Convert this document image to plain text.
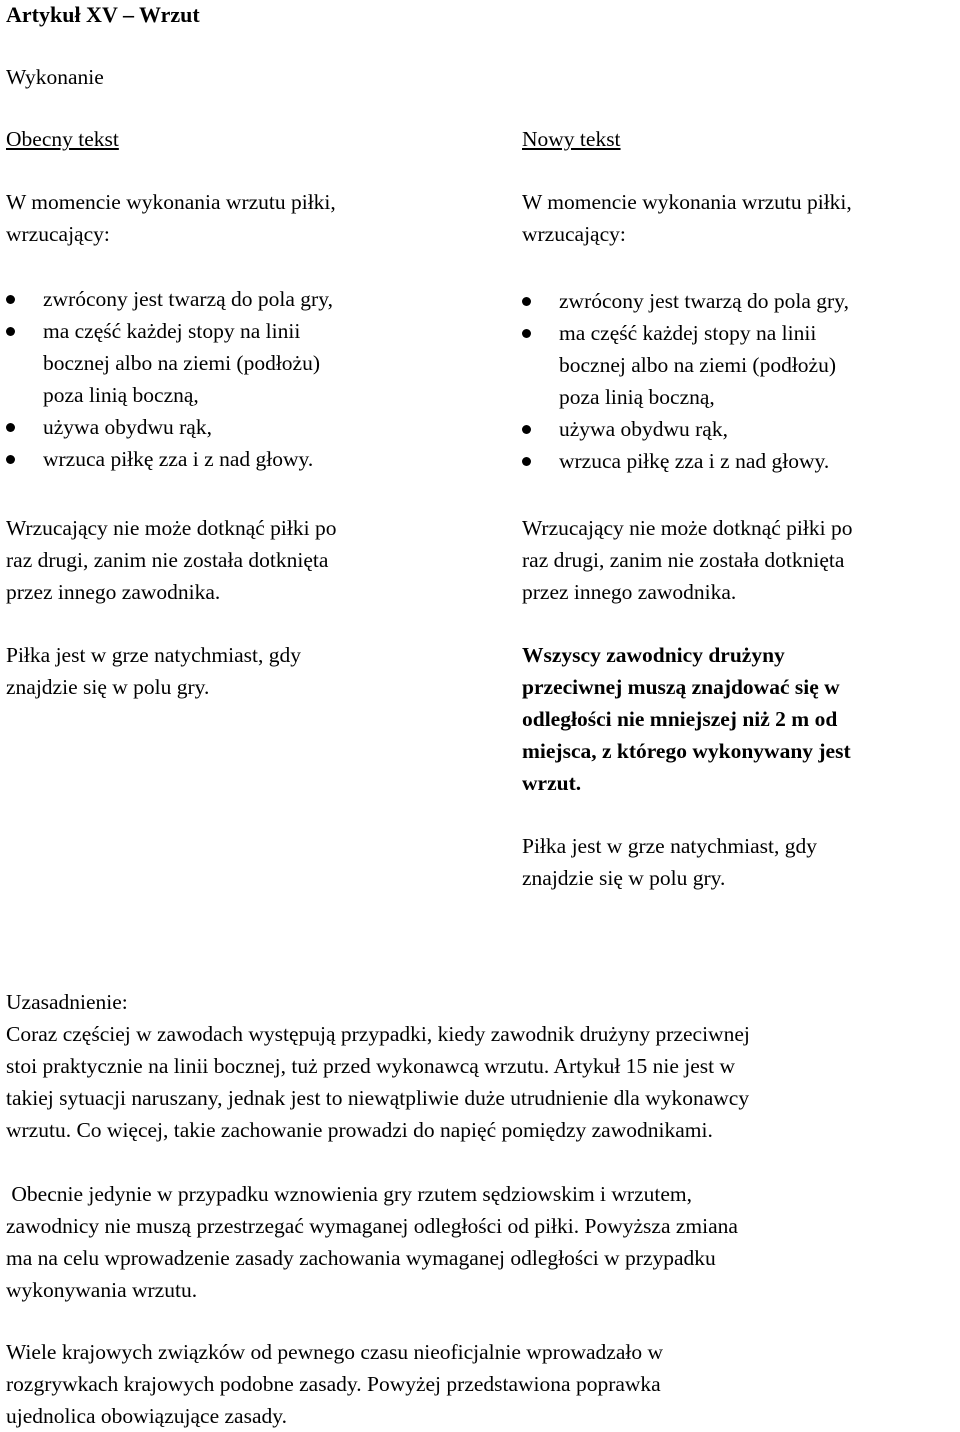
Artykuł XV – Wrzut
Wykonanie
Obecny tekst
W momencie wykonania wrzutu piłki,
wrzucający:
zwrócony jest twarzą do pola gry,
ma część każdej stopy na linii
bocznej albo na ziemi (podłożu)
poza linią boczną,
używa obydwu rąk,
wrzuca piłkę zza i z nad głowy.
Wrzucający nie może dotknąć piłki po
raz drugi, zanim nie została dotknięta
przez innego zawodnika.
Piłka jest w grze natychmiast, gdy
znajdzie się w polu gry.
Nowy tekst
W momencie wykonania wrzutu piłki,
wrzucający:
zwrócony jest twarzą do pola gry,
ma część każdej stopy na linii
bocznej albo na ziemi (podłożu)
poza linią boczną,
używa obydwu rąk,
wrzuca piłkę zza i z nad głowy.
Wrzucający nie może dotknąć piłki po
raz drugi, zanim nie została dotknięta
przez innego zawodnika.
Wszyscy zawodnicy drużyny
przeciwnej muszą znajdować się w
odległości nie mniejszej niż 2 m od
miejsca, z którego wykonywany jest
wrzut.
Piłka jest w grze natychmiast, gdy
znajdzie się w polu gry.
Uzasadnienie:
Coraz częściej w zawodach występują przypadki, kiedy zawodnik drużyny przeciwnej
stoi praktycznie na linii bocznej, tuż przed wykonawcą wrzutu. Artykuł 15 nie jest w
takiej sytuacji naruszany, jednak jest to niewątpliwie duże utrudnienie dla wykonawcy
wrzutu. Co więcej, takie zachowanie prowadzi do napięć pomiędzy zawodnikami.
Obecnie jedynie w przypadku wznowienia gry rzutem sędziowskim i wrzutem,
zawodnicy nie muszą przestrzegać wymaganej odległości od piłki. Powyższa zmiana
ma na celu wprowadzenie zasady zachowania wymaganej odległości w przypadku
wykonywania wrzutu.
Wiele krajowych związków od pewnego czasu nieoficjalnie wprowadzało w
rozgrywkach krajowych podobne zasady. Powyżej przedstawiona poprawka
ujednolica obowiązujące zasady.
